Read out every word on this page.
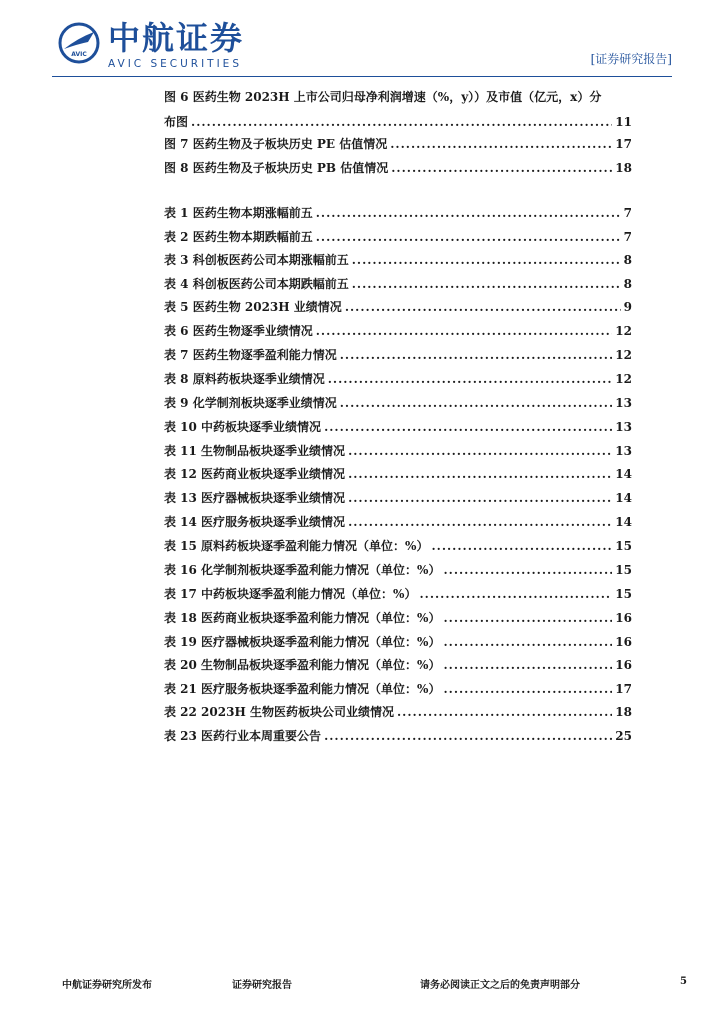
AVIC 中航证券
AVIC SECURITIES	[证券研究报告]
图 6 医药生物 2023H 上市公司归母净利润增速（%，y））及市值（亿元，x）分
布图 .....	11
图 7 医药生物及子板块历史 PE 估值情况 .....	17
图 8 医药生物及子板块历史 PB 估值情况 .....	18
表 1 医药生物本期涨幅前五 .....	7
表 2 医药生物本期跌幅前五 .....	7
表 3 科创板医药公司本期涨幅前五 .....	8
表 4 科创板医药公司本期跌幅前五 .....	8
表 5 医药生物 2023H 业绩情况 .....	9
表 6 医药生物逐季业绩情况 .....	12
表 7 医药生物逐季盈利能力情况 .....	12
表 8 原料药板块逐季业绩情况 .....	12
表 9 化学制剂板块逐季业绩情况 .....	13
表 10 中药板块逐季业绩情况 .....	13
表 11 生物制品板块逐季业绩情况 .....	13
表 12 医药商业板块逐季业绩情况 .....	14
表 13 医疗器械板块逐季业绩情况 .....	14
表 14 医疗服务板块逐季业绩情况 .....	14
表 15 原料药板块逐季盈利能力情况（单位：%） .....	15
表 16 化学制剂板块逐季盈利能力情况（单位：%） .....	15
表 17 中药板块逐季盈利能力情况（单位：%） .....	15
表 18 医药商业板块逐季盈利能力情况（单位：%） .....	16
表 19 医疗器械板块逐季盈利能力情况（单位：%） .....	16
表 20 生物制品板块逐季盈利能力情况（单位：%） .....	16
表 21 医疗服务板块逐季盈利能力情况（单位：%） .....	17
表 22 2023H 生物医药板块公司业绩情况 .....	18
表 23 医药行业本周重要公告 .....	25
中航证券研究所发布	证券研究报告	请务必阅读正文之后的免责声明部分	5
